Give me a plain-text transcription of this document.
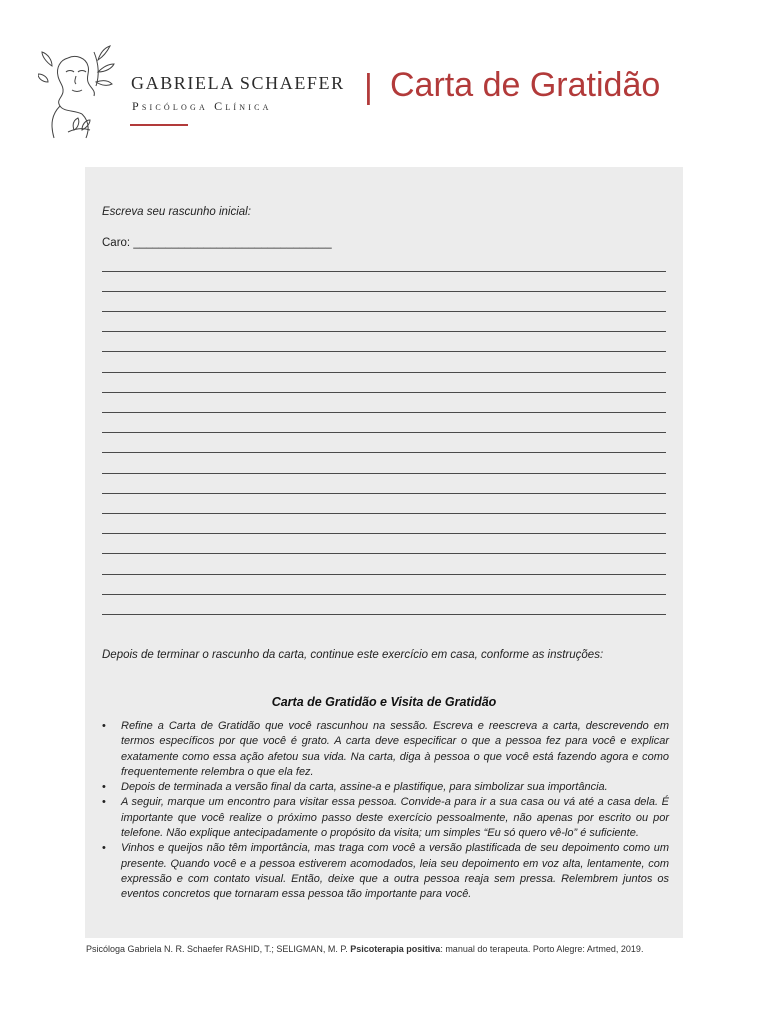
GABRIELA SCHAEFER
Psicóloga Clínica	| Carta de Gratidão
Escreva seu rascunho inicial:
Caro: _______________________________
Depois de terminar o rascunho da carta, continue este exercício em casa, conforme as instruções:
Carta de Gratidão e Visita de Gratidão
• Refine a Carta de Gratidão que você rascunhou na sessão. Escreva e reescreva a carta, descrevendo em termos específicos por que você é grato. A carta deve especificar o que a pessoa fez para você e explicar exatamente como essa ação afetou sua vida. Na carta, diga à pessoa o que você está fazendo agora e como frequentemente relembra o que ela fez.
• Depois de terminada a versão final da carta, assine-a e plastifique, para simbolizar sua importância.
• A seguir, marque um encontro para visitar essa pessoa. Convide-a para ir a sua casa ou vá até a casa dela. É importante que você realize o próximo passo deste exercício pessoalmente, não apenas por escrito ou por telefone. Não explique antecipadamente o propósito da visita; um simples “Eu só quero vê-lo” é suficiente.
• Vinhos e queijos não têm importância, mas traga com você a versão plastificada de seu depoimento como um presente. Quando você e a pessoa estiverem acomodados, leia seu depoimento em voz alta, lentamente, com expressão e com contato visual. Então, deixe que a outra pessoa reaja sem pressa. Relembrem juntos os eventos concretos que tornaram essa pessoa tão importante para você.
Psicóloga Gabriela N. R. Schaefer RASHID, T.; SELIGMAN, M. P. Psicoterapia positiva: manual do terapeuta. Porto Alegre: Artmed, 2019.
